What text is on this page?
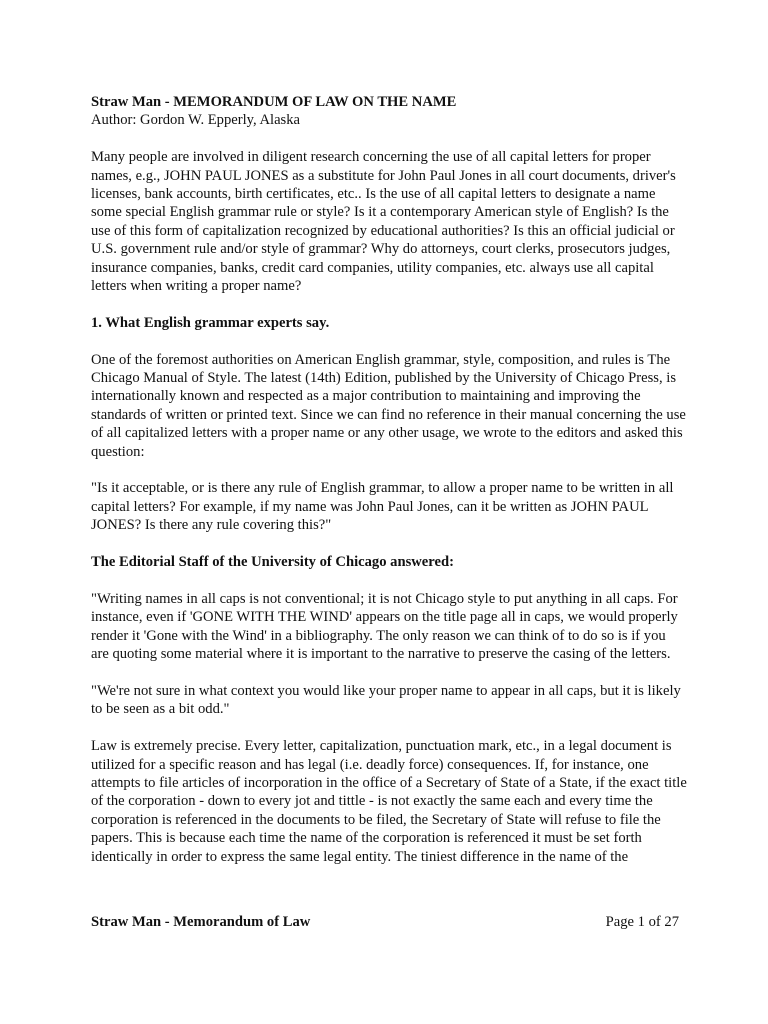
Straw Man - MEMORANDUM OF LAW ON THE NAME
Author: Gordon W. Epperly, Alaska

Many people are involved in diligent research concerning the use of all capital letters for proper names, e.g., JOHN PAUL JONES as a substitute for John Paul Jones in all court documents, driver's licenses, bank accounts, birth certificates, etc.. Is the use of all capital letters to designate a name some special English grammar rule or style? Is it a contemporary American style of English? Is the use of this form of capitalization recognized by educational authorities? Is this an official judicial or U.S. government rule and/or style of grammar? Why do attorneys, court clerks, prosecutors judges, insurance companies, banks, credit card companies, utility companies, etc. always use all capital letters when writing a proper name?

1. What English grammar experts say.

One of the foremost authorities on American English grammar, style, composition, and rules is The Chicago Manual of Style. The latest (14th) Edition, published by the University of Chicago Press, is internationally known and respected as a major contribution to maintaining and improving the standards of written or printed text. Since we can find no reference in their manual concerning the use of all capitalized letters with a proper name or any other usage, we wrote to the editors and asked this question:

"Is it acceptable, or is there any rule of English grammar, to allow a proper name to be written in all capital letters? For example, if my name was John Paul Jones, can it be written as JOHN PAUL JONES? Is there any rule covering this?"

The Editorial Staff of the University of Chicago answered:

"Writing names in all caps is not conventional; it is not Chicago style to put anything in all caps. For instance, even if 'GONE WITH THE WIND' appears on the title page all in caps, we would properly render it 'Gone with the Wind' in a bibliography. The only reason we can think of to do so is if you are quoting some material where it is important to the narrative to preserve the casing of the letters.

"We're not sure in what context you would like your proper name to appear in all caps, but it is likely to be seen as a bit odd."

Law is extremely precise. Every letter, capitalization, punctuation mark, etc., in a legal document is utilized for a specific reason and has legal (i.e. deadly force) consequences. If, for instance, one attempts to file articles of incorporation in the office of a Secretary of State of a State, if the exact title of the corporation - down to every jot and tittle - is not exactly the same each and every time the corporation is referenced in the documents to be filed, the Secretary of State will refuse to file the papers. This is because each time the name of the corporation is referenced it must be set forth identically in order to express the same legal entity. The tiniest difference in the name of the

Straw Man - Memorandum of Law	Page 1 of 27
